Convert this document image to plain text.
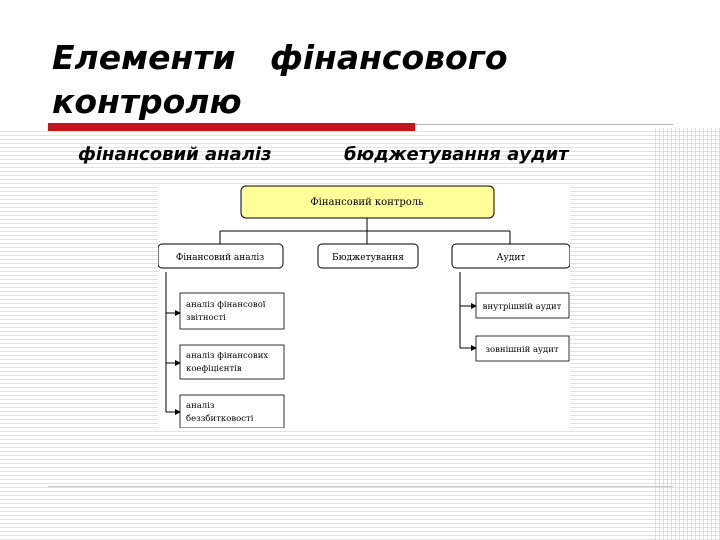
Елементи   фінансового контролю
фінансовий аналіз	бюджетування аудит
Фінансовий контроль
Фінансовий аналіз	Бюджетування	Аудит
аналіз фінансової
звітності
аналіз фінансових
коефіцієнтів
аналіз
беззбитковості
внутрішній аудит
зовнішній аудит
